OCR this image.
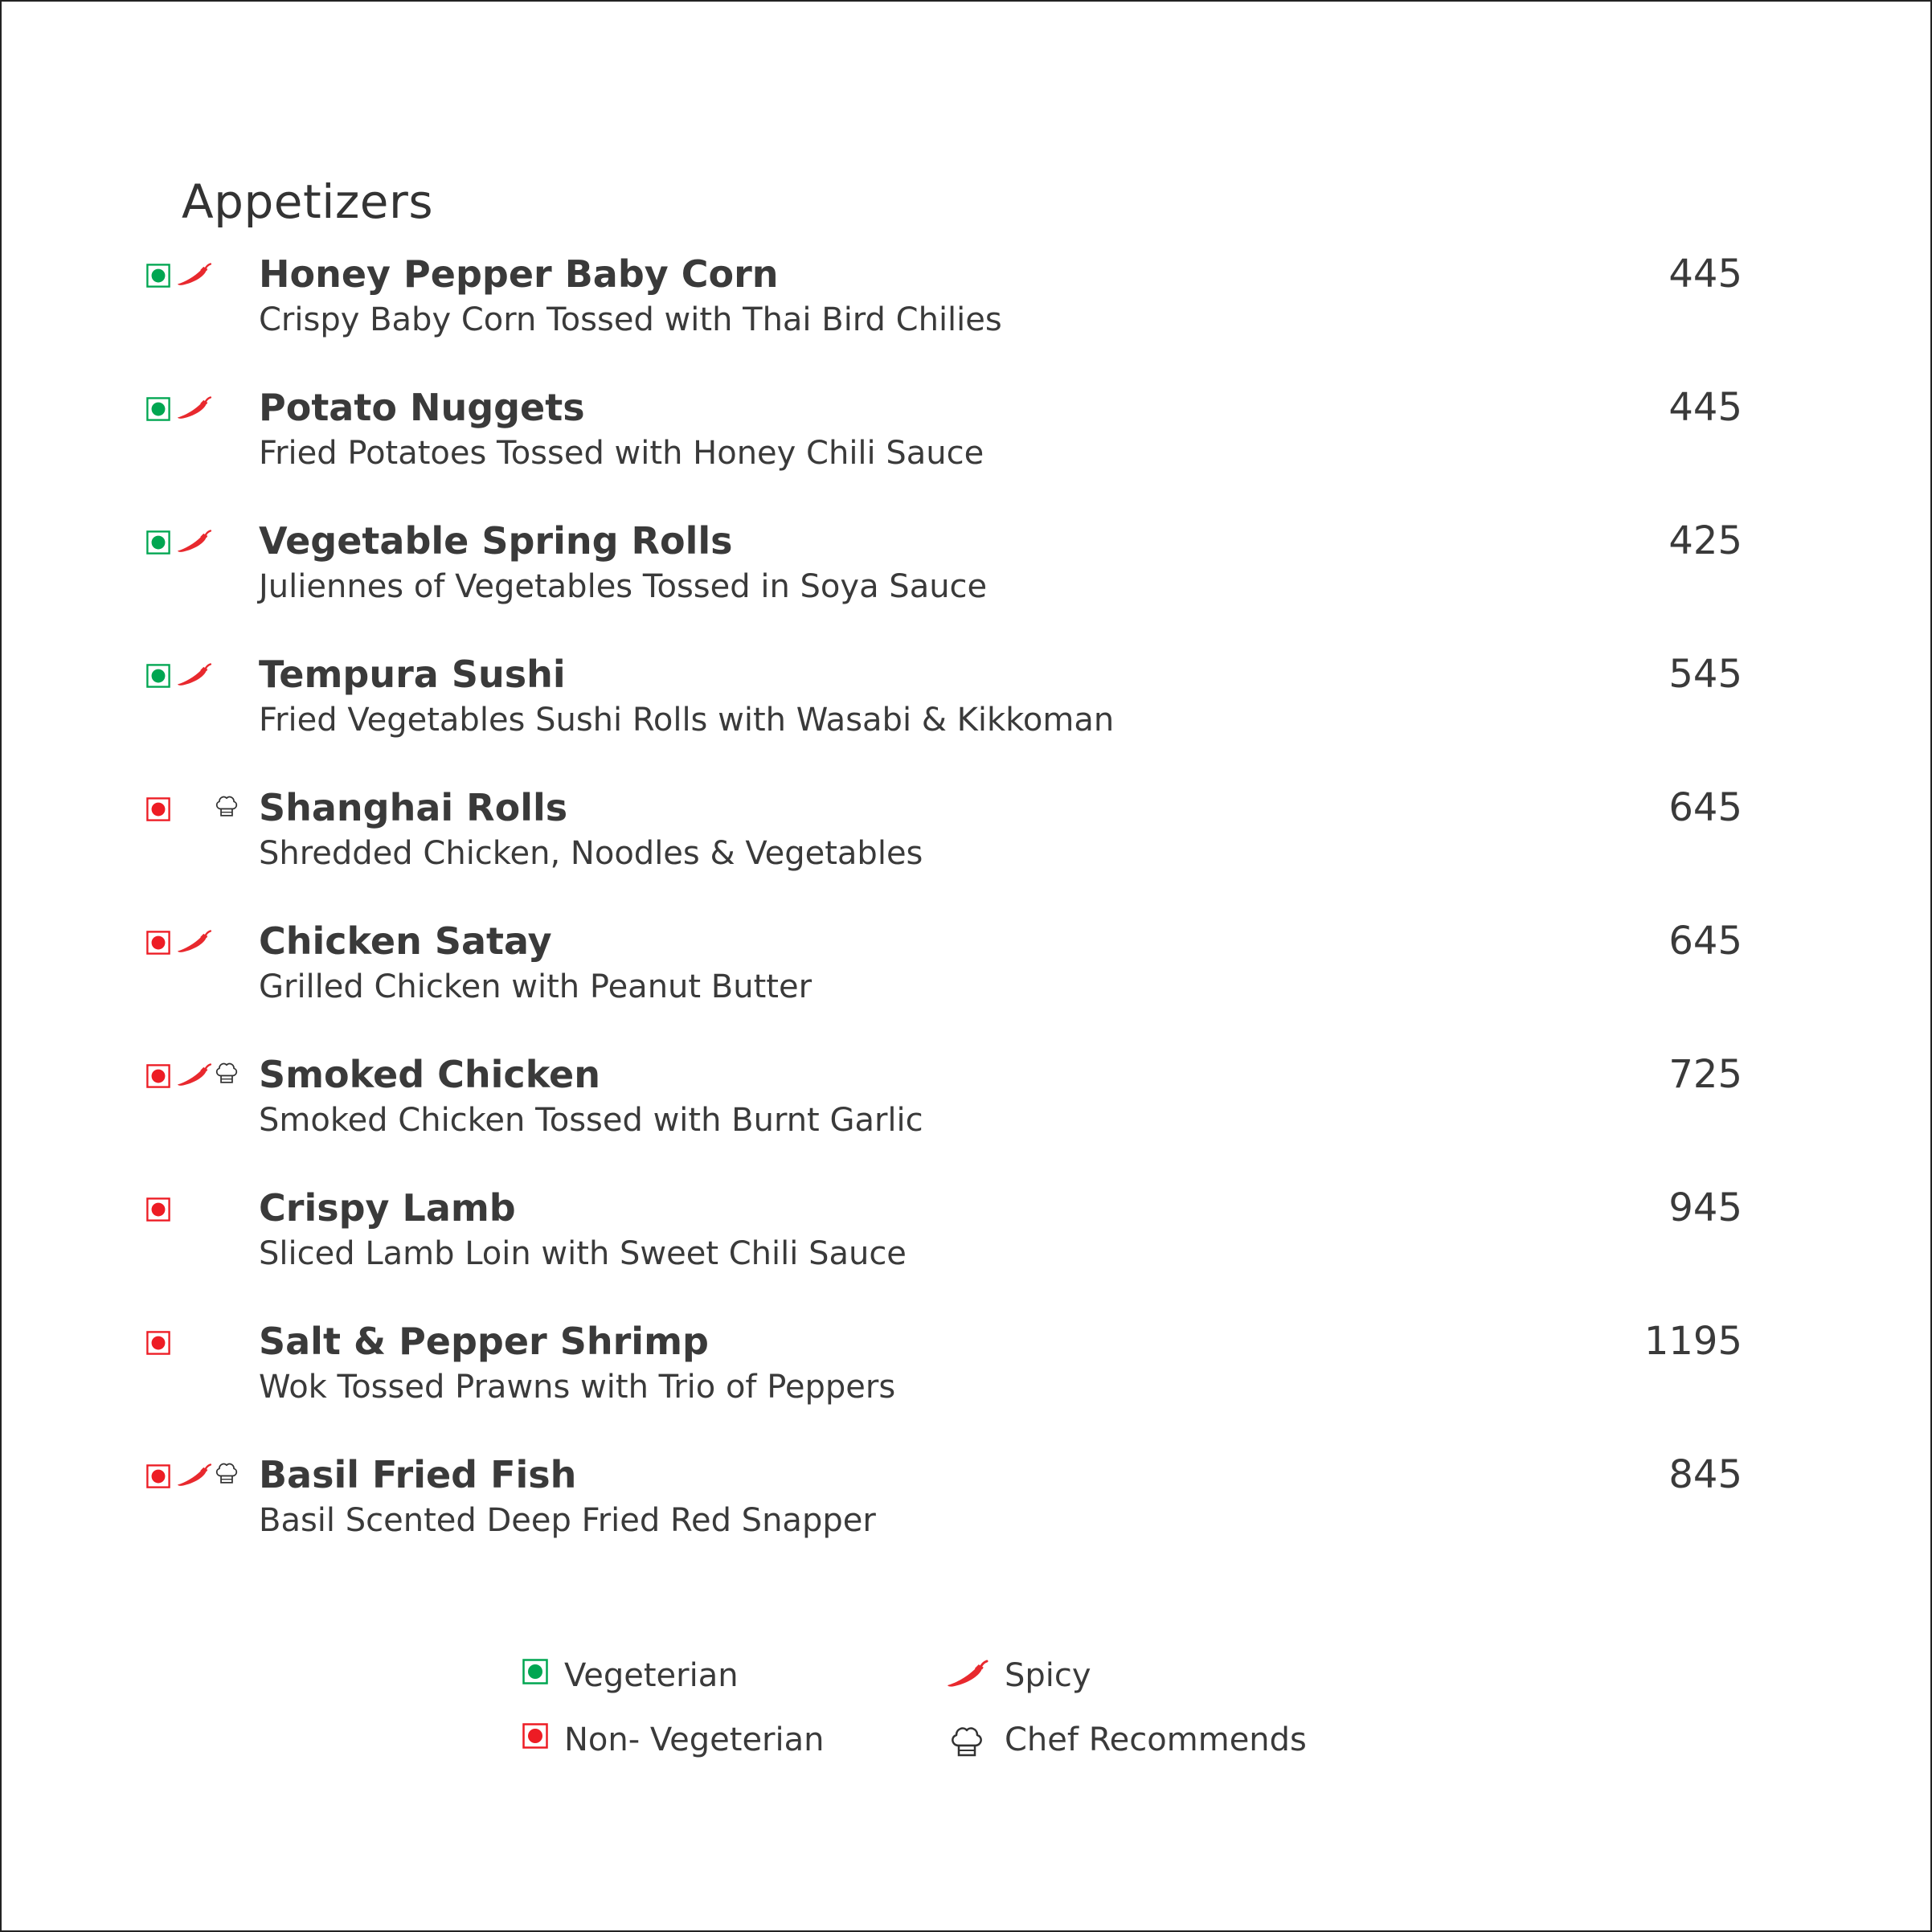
Appetizers
Honey Pepper Baby Corn
Crispy Baby Corn Tossed with Thai Bird Chilies
445
Potato Nuggets
Fried Potatoes Tossed with Honey Chili Sauce
445
Vegetable Spring Rolls
Juliennes of Vegetables Tossed in Soya Sauce
425
Tempura Sushi
Fried Vegetables Sushi Rolls with Wasabi & Kikkoman
545
Shanghai Rolls
Shredded Chicken, Noodles & Vegetables
645
Chicken Satay
Grilled Chicken with Peanut Butter
645
Smoked Chicken
Smoked Chicken Tossed with Burnt Garlic
725
Crispy Lamb
Sliced Lamb Loin with Sweet Chili Sauce
945
Salt & Pepper Shrimp
Wok Tossed Prawns with Trio of Peppers
1195
Basil Fried Fish
Basil Scented Deep Fried Red Snapper
845
Vegeterian
Non- Vegeterian
Spicy
Chef Recommends
